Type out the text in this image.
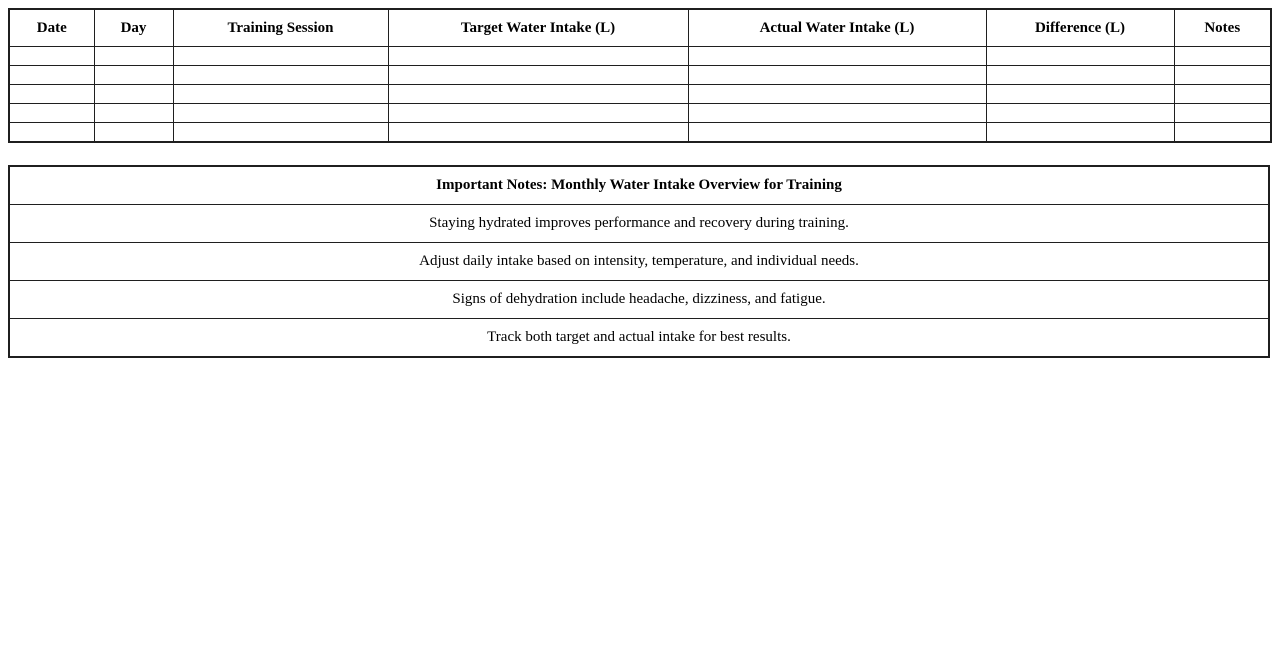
Date	Day	Training Session	Target Water Intake (L)	Actual Water Intake (L)	Difference (L)	Notes

Important Notes: Monthly Water Intake Overview for Training
Staying hydrated improves performance and recovery during training.
Adjust daily intake based on intensity, temperature, and individual needs.
Signs of dehydration include headache, dizziness, and fatigue.
Track both target and actual intake for best results.
